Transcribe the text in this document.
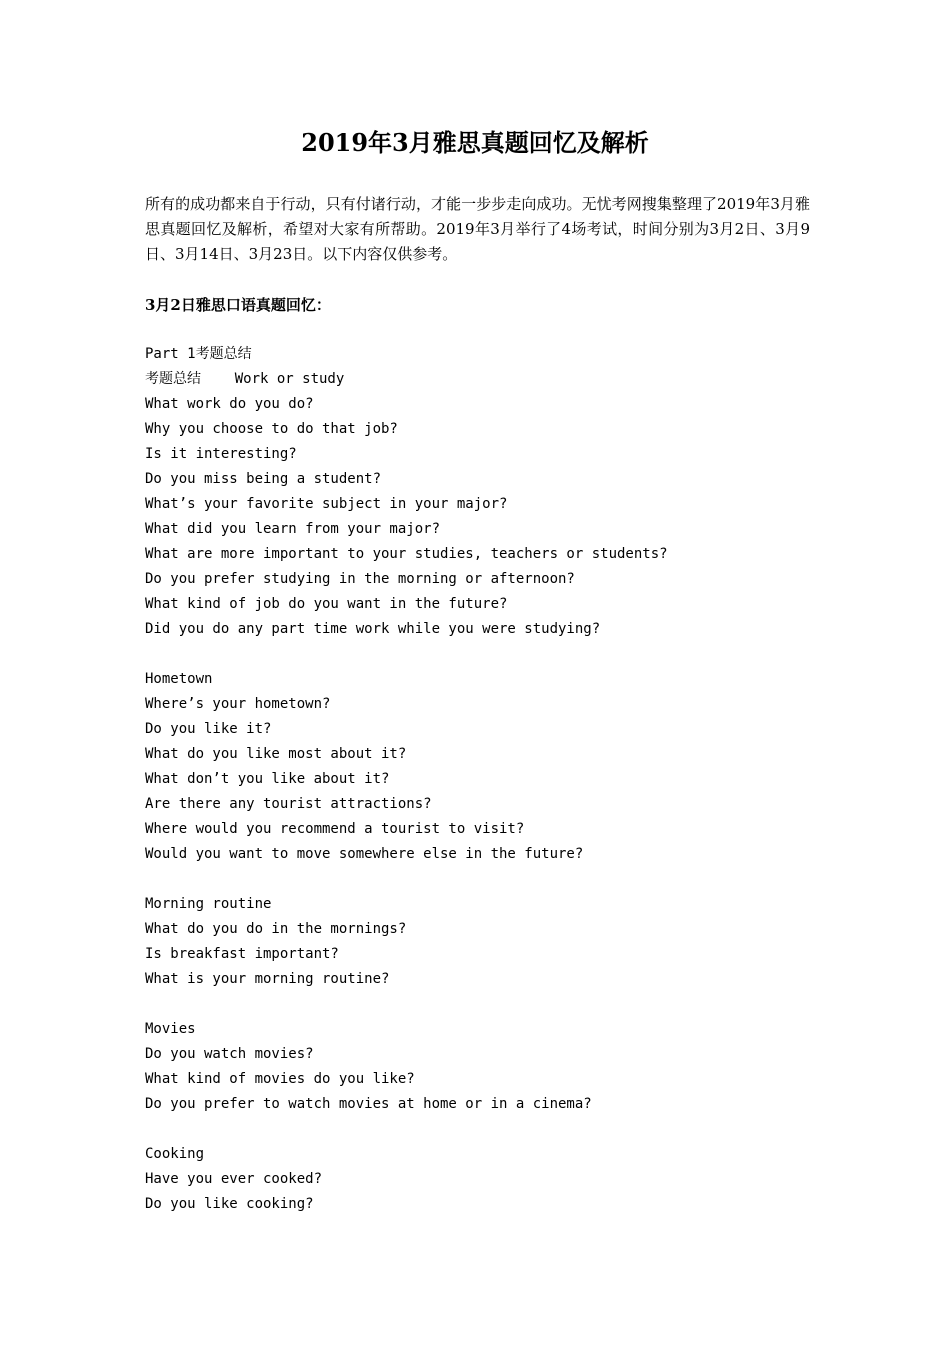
2019年3月雅思真题回忆及解析

所有的成功都来自于行动，只有付诸行动，才能一步步走向成功。无忧考网搜集整理了2019年3月雅思真题回忆及解析，希望对大家有所帮助。2019年3月举行了4场考试，时间分别为3月2日、3月9日、3月14日、3月23日。以下内容仅供参考。

3月2日雅思口语真题回忆：

Part 1考题总结
考题总结    Work or study
What work do you do?
Why you choose to do that job?
Is it interesting?
Do you miss being a student?
What’s your favorite subject in your major?
What did you learn from your major?
What are more important to your studies, teachers or students?
Do you prefer studying in the morning or afternoon?
What kind of job do you want in the future?
Did you do any part time work while you were studying?
Hometown
Where’s your hometown?
Do you like it?
What do you like most about it?
What don’t you like about it?
Are there any tourist attractions?
Where would you recommend a tourist to visit?
Would you want to move somewhere else in the future?
Morning routine
What do you do in the mornings?
Is breakfast important?
What is your morning routine?
Movies
Do you watch movies?
What kind of movies do you like?
Do you prefer to watch movies at home or in a cinema?
Cooking
Have you ever cooked?
Do you like cooking?
